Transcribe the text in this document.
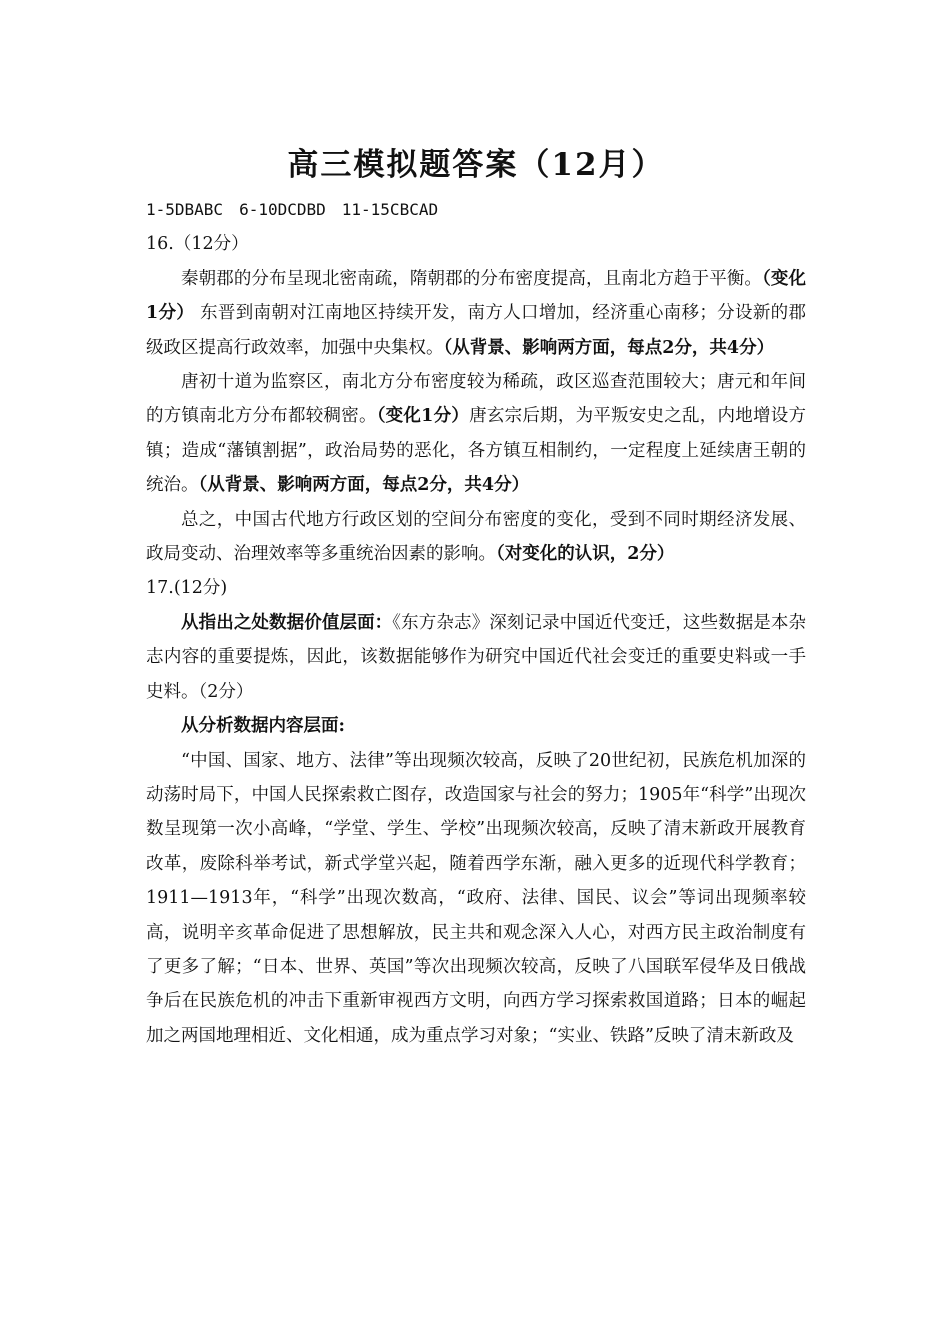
高三模拟题答案（12月）

1-5DBABC 6-10DCDBD 11-15CBCAD

16.（12分）

秦朝郡的分布呈现北密南疏，隋朝郡的分布密度提高，且南北方趋于平衡。（变化1分） 东晋到南朝对江南地区持续开发，南方人口增加，经济重心南移；分设新的郡级政区提高行政效率，加强中央集权。（从背景、影响两方面，每点2分，共4分）

唐初十道为监察区，南北方分布密度较为稀疏，政区巡查范围较大；唐元和年间的方镇南北方分布都较稠密。（变化1分）唐玄宗后期，为平叛安史之乱，内地增设方镇；造成“藩镇割据”，政治局势的恶化，各方镇互相制约，一定程度上延续唐王朝的统治。（从背景、影响两方面，每点2分，共4分）

总之，中国古代地方行政区划的空间分布密度的变化，受到不同时期经济发展、政局变动、治理效率等多重统治因素的影响。（对变化的认识，2分）

17.(12分)

从指出之处数据价值层面：《东方杂志》深刻记录中国近代变迁，这些数据是本杂志内容的重要提炼，因此，该数据能够作为研究中国近代社会变迁的重要史料或一手史料。（2分）

从分析数据内容层面:

“中国、国家、地方、法律”等出现频次较高，反映了20世纪初，民族危机加深的动荡时局下，中国人民探索救亡图存，改造国家与社会的努力；1905年“科学”出现次数呈现第一次小高峰，“学堂、学生、学校”出现频次较高，反映了清末新政开展教育改革，废除科举考试，新式学堂兴起，随着西学东渐，融入更多的近现代科学教育；1911—1913年，“科学”出现次数高，“政府、法律、国民、议会”等词出现频率较高，说明辛亥革命促进了思想解放，民主共和观念深入人心，对西方民主政治制度有了更多了解；“日本、世界、英国”等次出现频次较高，反映了八国联军侵华及日俄战争后在民族危机的冲击下重新审视西方文明，向西方学习探索救国道路；日本的崛起加之两国地理相近、文化相通，成为重点学习对象；“实业、铁路”反映了清末新政及
